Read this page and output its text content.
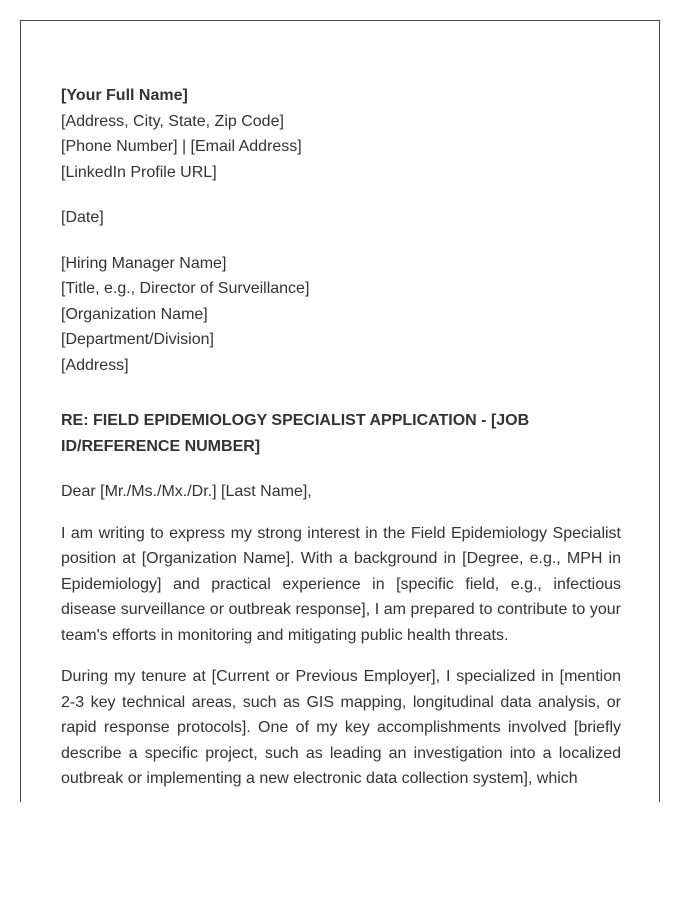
[Your Full Name]
[Address, City, State, Zip Code]
[Phone Number] | [Email Address]
[LinkedIn Profile URL]
[Date]
[Hiring Manager Name]
[Title, e.g., Director of Surveillance]
[Organization Name]
[Department/Division]
[Address]
RE: FIELD EPIDEMIOLOGY SPECIALIST APPLICATION - [JOB ID/REFERENCE NUMBER]
Dear [Mr./Ms./Mx./Dr.] [Last Name],

I am writing to express my strong interest in the Field Epidemiology Specialist position at [Organization Name]. With a background in [Degree, e.g., MPH in Epidemiology] and practical experience in [specific field, e.g., infectious disease surveillance or outbreak response], I am prepared to contribute to your team's efforts in monitoring and mitigating public health threats.

During my tenure at [Current or Previous Employer], I specialized in [mention 2-3 key technical areas, such as GIS mapping, longitudinal data analysis, or rapid response protocols]. One of my key accomplishments involved [briefly describe a specific project, such as leading an investigation into a localized outbreak or implementing a new electronic data collection system], which
